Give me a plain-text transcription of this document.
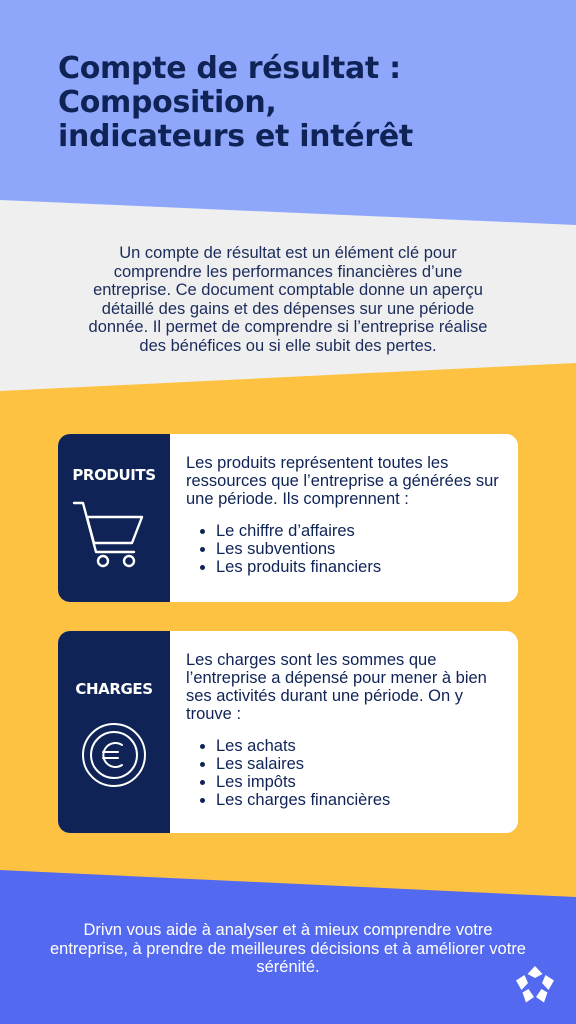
Compte de résultat :
Composition,
indicateurs et intérêt

Un compte de résultat est un élément clé pour comprendre les performances financières d’une entreprise. Ce document comptable donne un aperçu détaillé des gains et des dépenses sur une période donnée. Il permet de comprendre si l’entreprise réalise des bénéfices ou si elle subit des pertes.

PRODUITS

Les produits représentent toutes les ressources que l’entreprise a générées sur une période. Ils comprennent :

• Le chiffre d’affaires
• Les subventions
• Les produits financiers
CHARGES

Les charges sont les sommes que l’entreprise a dépensé pour mener à bien ses activités durant une période. On y trouve :

• Les achats
• Les salaires
• Les impôts
• Les charges financières

Drivn vous aide à analyser et à mieux comprendre votre entreprise, à prendre de meilleures décisions et à améliorer votre sérénité.
